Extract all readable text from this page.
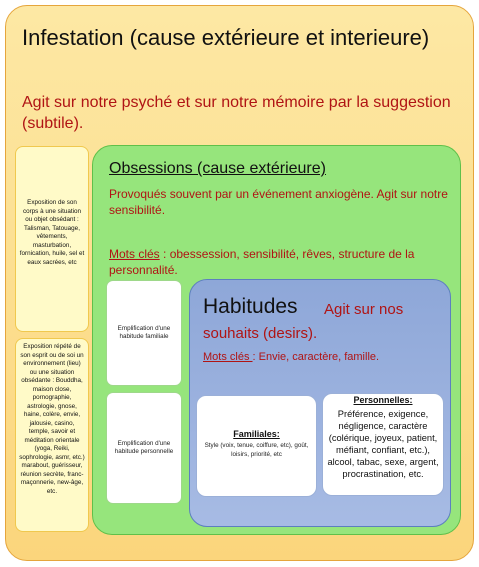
Infestation (cause extérieure et interieure)

Agit sur notre psyché et sur notre mémoire par la suggestion (subtile).

Exposition de son corps à une situation ou objet obsédant : Talisman, Tatouage, vêtements, masturbation, fornication, huile, sel et eaux sacrées, etc
Exposition répété de son esprit ou de soi un environnement (lieu) ou une situation obsédante : Bouddha, maison close, pornographie, astrologie, gnose, haine, colère, envie, jalousie, casino, temple, savoir et méditation orientale (yoga, Reiki, sophrologie, asmr, etc.) marabout, guérisseur, réunion secrète, franc-maçonnerie, new-âge, etc.
Obsessions (cause extérieure)

Provoqués souvent par un événement anxiogène. Agit sur notre sensibilité.

Mots clés : obessession, sensibilité, rêves, structure de la personnalité.

Emplification d'une habitude familiale
Emplification d'une habitude personnelle
Habitudes	Agit sur nos souhaits (desirs).

Mots clés : Envie, caractère, famille.

Familiales:
Style (voix, tenue, coiffure, etc), goût, loisirs, priorité, etc
Personnelles:
Préférence, exigence, négligence, caractère (colérique, joyeux, patient, méfiant, confiant, etc.), alcool, tabac, sexe, argent, procrastination, etc.
